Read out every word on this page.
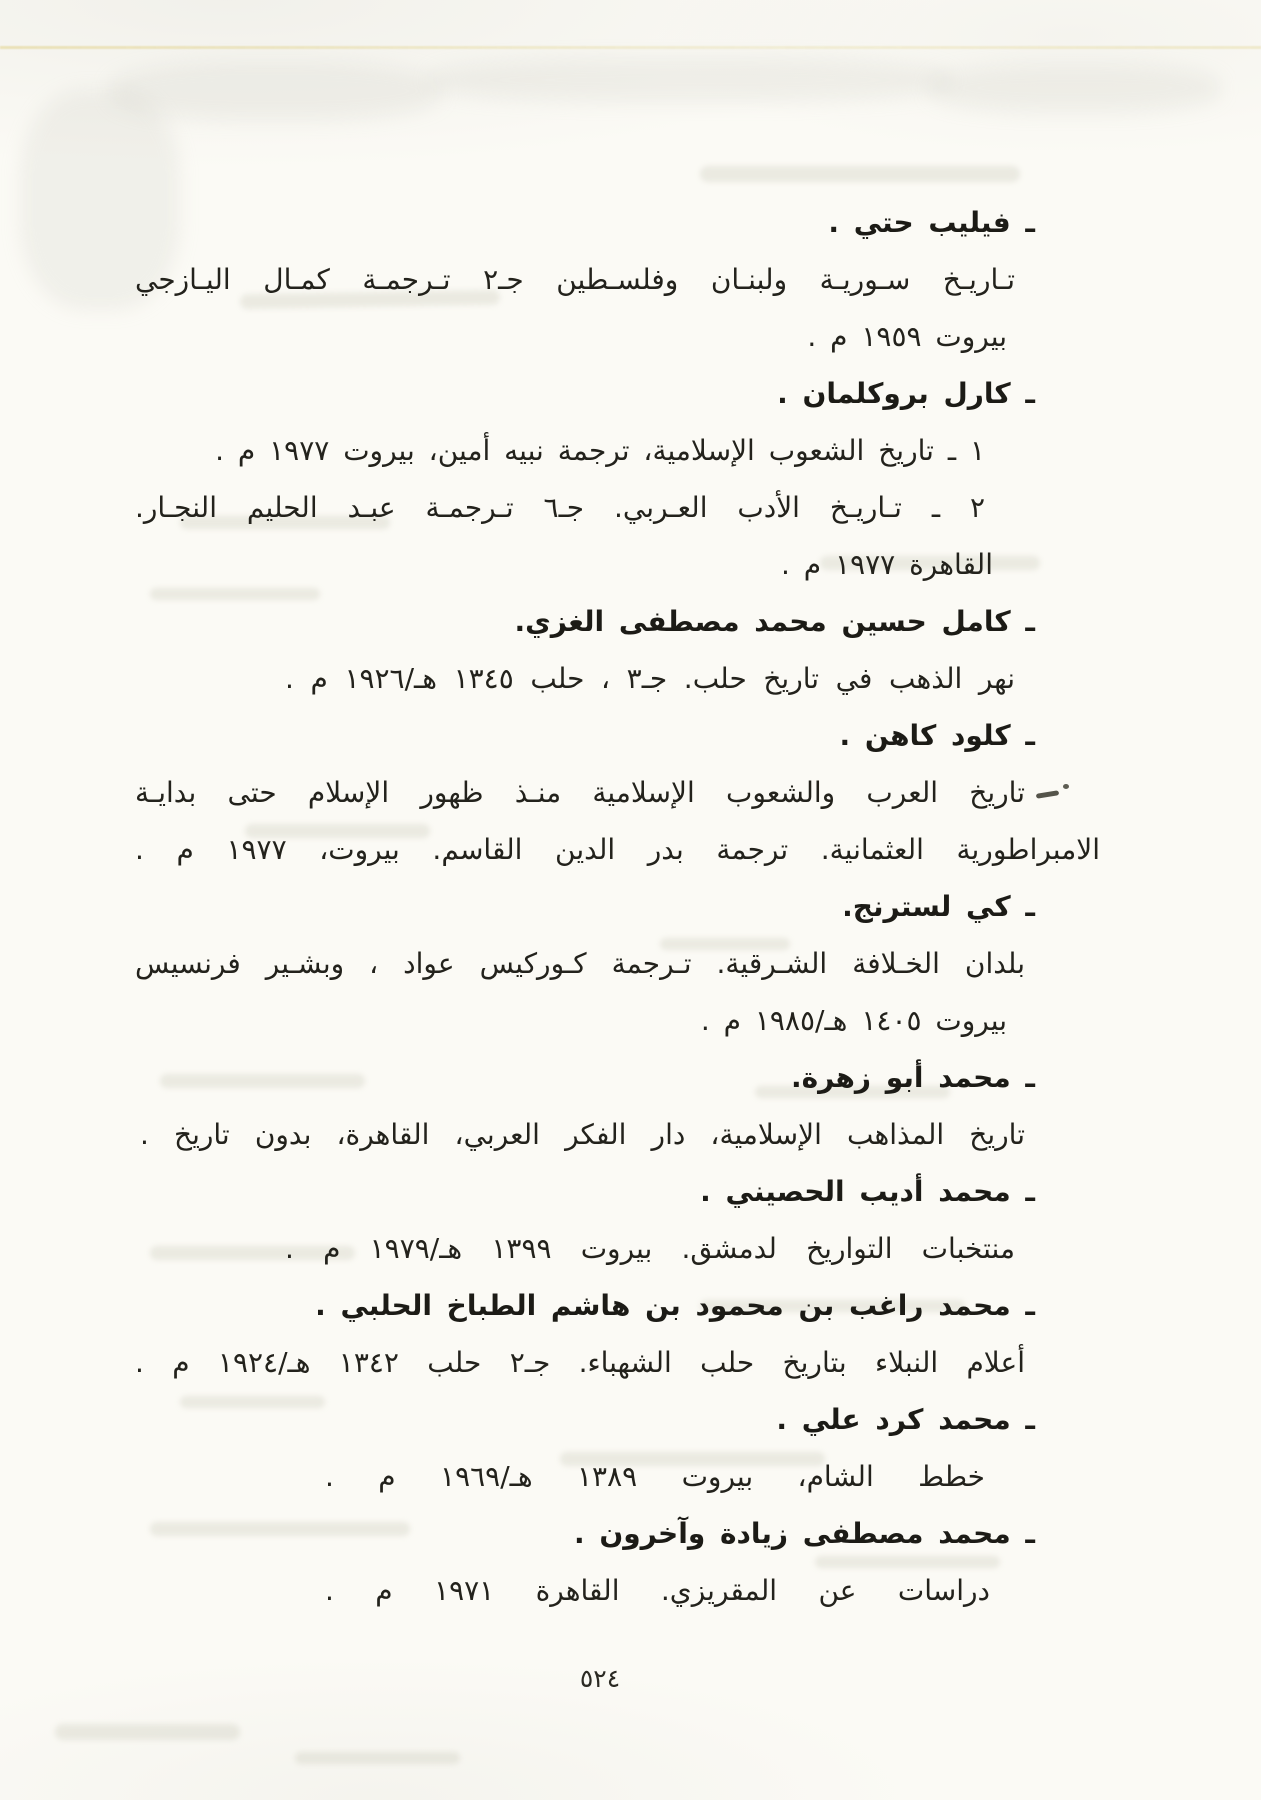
ـ فيليب حتي .
تـاريـخ سـوريـة ولبنـان وفلسـطين جـ٢ تـرجمـة كمـال اليـازجي
بيروت ١٩٥٩ م .
ـ كارل بروكلمان .
١ ـ تاريخ الشعوب الإسلامية، ترجمة نبيه أمين، بيروت ١٩٧٧ م .
٢ ـ تـاريـخ الأدب العـربي. جـ٦ تـرجمـة عبـد الحليم النجـار.
القاهرة ١٩٧٧ م .
ـ كامل حسين محمد مصطفى الغزي.
نهر الذهب في تاريخ حلب. جـ٣ ، حلب ١٣٤٥ هـ/١٩٢٦ م .
ـ كلود كاهن .
تاريخ العرب والشعوب الإسلامية منـذ ظهور الإسلام حتى بدايـة
الامبراطورية العثمانية. ترجمة بدر الدين القاسم. بيروت، ١٩٧٧ م .
ـ كي لسترنج.
بلدان الخـلافة الشـرقية. تـرجمة كـوركيس عواد ، وبشـير فرنسيس
بيروت ١٤٠٥ هـ/١٩٨٥ م .
ـ محمد أبو زهرة.
تاريخ المذاهب الإسلامية، دار الفكر العربي، القاهرة، بدون تاريخ .
ـ محمد أديب الحصيني .
منتخبات التواريخ لدمشق. بيروت ١٣٩٩ هـ/١٩٧٩ م .
ـ محمد راغب بن محمود بن هاشم الطباخ الحلبي .
أعلام النبلاء بتاريخ حلب الشهباء. جـ٢ حلب ١٣٤٢ هـ/١٩٢٤ م .
ـ محمد كرد علي .
خطط الشام، بيروت ١٣٨٩ هـ/١٩٦٩ م .
ـ محمد مصطفى زيادة وآخرون .
دراسات عن المقريزي. القاهرة ١٩٧١ م .
٥٢٤
